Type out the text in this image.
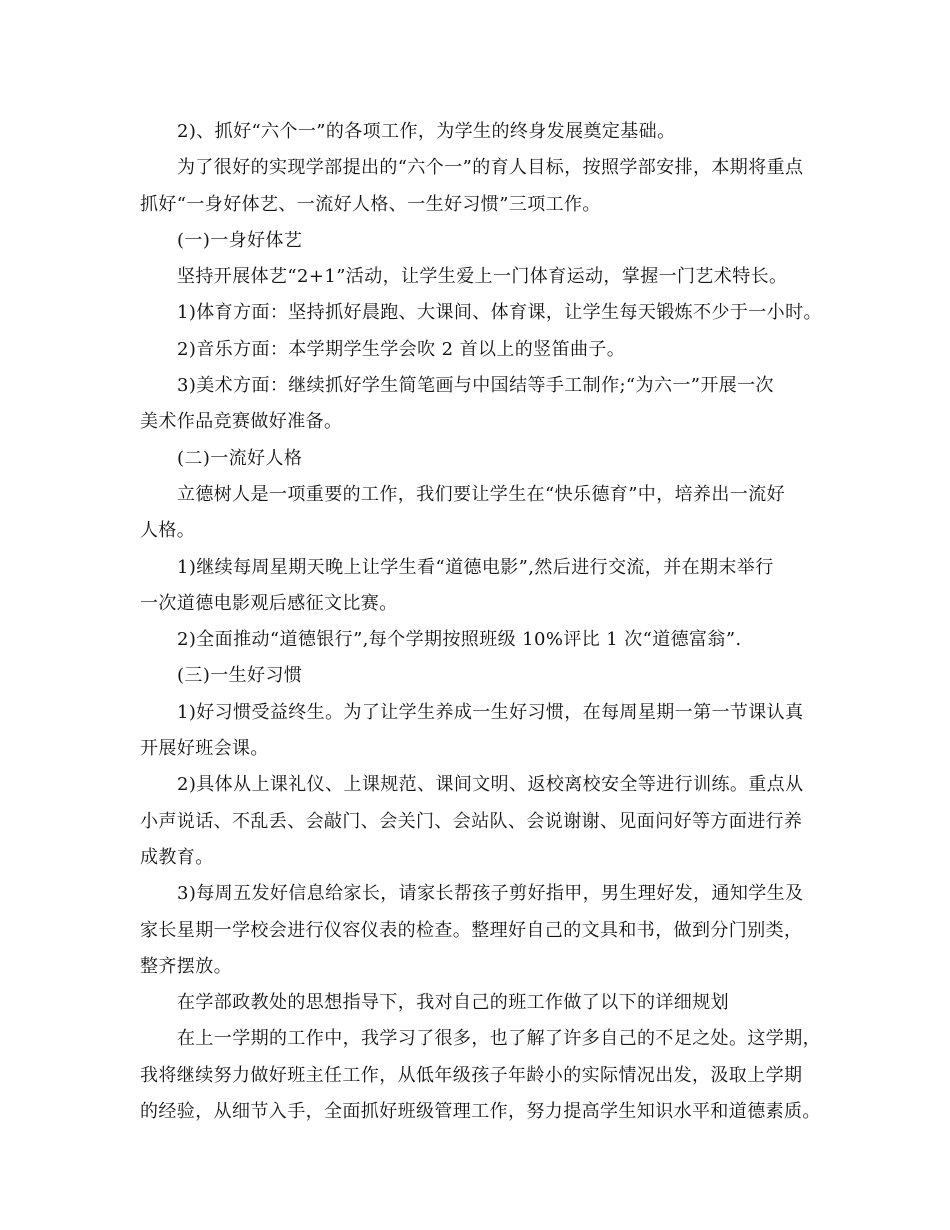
2)、抓好“六个一”的各项工作，为学生的终身发展奠定基础。
为了很好的实现学部提出的“六个一”的育人目标，按照学部安排，本期将重点
抓好“一身好体艺、一流好人格、一生好习惯”三项工作。
(一)一身好体艺
坚持开展体艺“2+1”活动，让学生爱上一门体育运动，掌握一门艺术特长。
1)体育方面：坚持抓好晨跑、大课间、体育课，让学生每天锻炼不少于一小时。
2)音乐方面：本学期学生学会吹 2 首以上的竖笛曲子。
3)美术方面：继续抓好学生简笔画与中国结等手工制作;“为六一”开展一次
美术作品竞赛做好准备。
(二)一流好人格
立德树人是一项重要的工作，我们要让学生在“快乐德育”中，培养出一流好
人格。
1)继续每周星期天晚上让学生看“道德电影”,然后进行交流，并在期末举行
一次道德电影观后感征文比赛。
2)全面推动“道德银行”,每个学期按照班级 10%评比 1 次“道德富翁”.
(三)一生好习惯
1)好习惯受益终生。为了让学生养成一生好习惯，在每周星期一第一节课认真
开展好班会课。
2)具体从上课礼仪、上课规范、课间文明、返校离校安全等进行训练。重点从
小声说话、不乱丢、会敲门、会关门、会站队、会说谢谢、见面问好等方面进行养
成教育。
3)每周五发好信息给家长，请家长帮孩子剪好指甲，男生理好发，通知学生及
家长星期一学校会进行仪容仪表的检查。整理好自己的文具和书，做到分门别类，
整齐摆放。
在学部政教处的思想指导下，我对自己的班工作做了以下的详细规划
在上一学期的工作中，我学习了很多，也了解了许多自己的不足之处。这学期，
我将继续努力做好班主任工作，从低年级孩子年龄小的实际情况出发，汲取上学期
的经验，从细节入手，全面抓好班级管理工作，努力提高学生知识水平和道德素质。
